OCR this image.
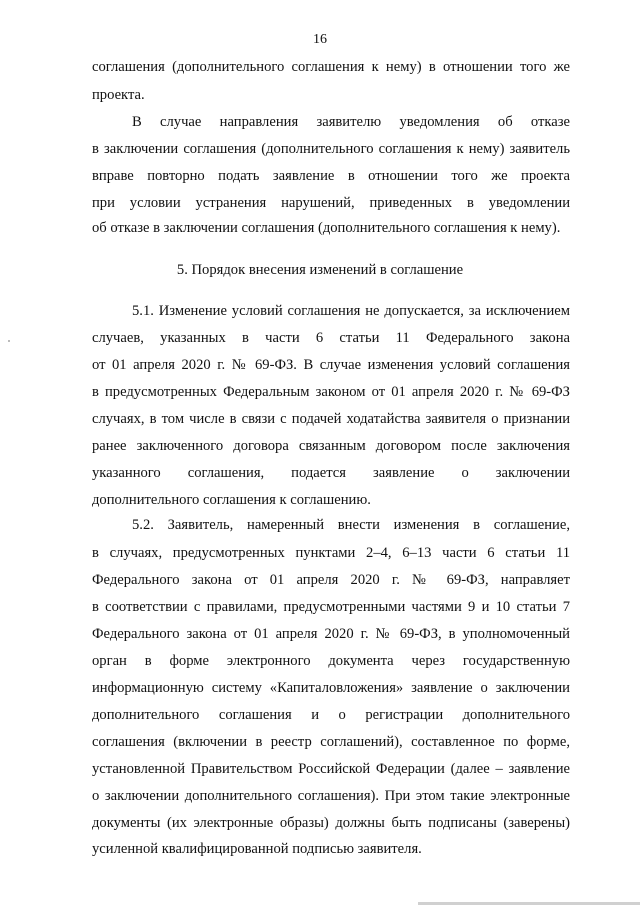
16
соглашения (дополнительного соглашения к нему) в отношении того же
проекта.
В случае направления заявителю уведомления об отказе
в заключении соглашения (дополнительного соглашения к нему) заявитель
вправе повторно подать заявление в отношении того же проекта
при условии устранения нарушений, приведенных в уведомлении
об отказе в заключении соглашения (дополнительного соглашения к нему).
5. Порядок внесения изменений в соглашение
5.1. Изменение условий соглашения не допускается, за исключением
случаев, указанных в части 6 статьи 11 Федерального закона
от 01 апреля 2020 г. № 69-ФЗ. В случае изменения условий соглашения
в предусмотренных Федеральным законом от 01 апреля 2020 г. № 69-ФЗ
случаях, в том числе в связи с подачей ходатайства заявителя о признании
ранее заключенного договора связанным договором после заключения
указанного соглашения, подается заявление о заключении
дополнительного соглашения к соглашению.
5.2. Заявитель, намеренный внести изменения в соглашение,
в случаях, предусмотренных пунктами 2–4, 6–13 части 6 статьи 11
Федерального закона от 01 апреля 2020 г. № 69-ФЗ, направляет
в соответствии с правилами, предусмотренными частями 9 и 10 статьи 7
Федерального закона от 01 апреля 2020 г. № 69-ФЗ, в уполномоченный
орган в форме электронного документа через государственную
информационную систему «Капиталовложения» заявление о заключении
дополнительного соглашения и о регистрации дополнительного
соглашения (включении в реестр соглашений), составленное по форме,
установленной Правительством Российской Федерации (далее – заявление
о заключении дополнительного соглашения). При этом такие электронные
документы (их электронные образы) должны быть подписаны (заверены)
усиленной квалифицированной подписью заявителя.
